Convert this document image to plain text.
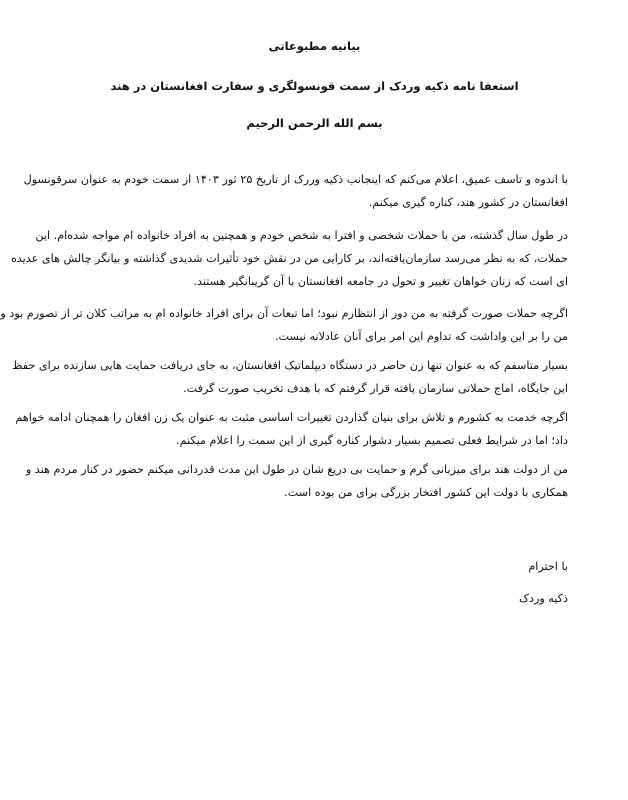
بیانیه مطبوعاتی
استعفا نامه ذکیه وردک از سمت قونسولگری و سفارت افغانستان در هند
بسم الله الرحمن الرحیم
با اندوه و تاسف عمیق، اعلام می‌کنم که اینجانب ذکیه وررک از تاریخ ۲۵ ثور ۱۴۰۳ از سمت خودم به عنوان سرقونسول
افغانستان در کشور هند، کناره گیری میکنم.
در طول سال گذشته، من با حملات شخصی و افترا به شخص خودم و همچنین به افراد خانواده ام مواجه شده‌ام. این
حملات، که به نظر می‌رسد سازمان‌یافته‌اند، بر کارایی من در نقش خود تأثیرات شدیدی گذاشته و بیانگر چالش های عدیده
ای است که زنان خواهان تغییر و تحول در جامعه افغانستان با آن گریبانگیر هستند.
اگرچه حملات صورت گرفته به من دور از انتظارم نبود؛ اما تبعات آن برای افراد خانواده ام به مراتب کلان تر از تصورم بود و
من را بر این واداشت که تداوم این امر برای آنان عادلانه نیست.
بسیار متاسفم که به عنوان تنها زن حاضر در دستگاه دیپلماتیک افغانستان، به جای دریافت حمایت هایی سازنده برای حفظ
این جایگاه، اماج حملاتی سازمان یافته قرار گرفتم که با هدف تخریب صورت گرفت.
اگرچه خدمت به کشورم و تلاش برای بنیان گذاردن تغییرات اساسی مثبت به عنوان یک زن افغان را همچنان ادامه خواهم
داد؛ اما در شرایط فعلی تصمیم بسیار دشوار کناره گیری از این سمت را اعلام میکنم.
من از دولت هند برای میزبانی گرم و حمایت بی دریغ شان در طول این مدت قدردانی میکنم حضور در کنار مردم هند و
همکاری با دولت این کشور افتخار بزرگی برای من بوده است.
با احترام
ذکیه وردک
